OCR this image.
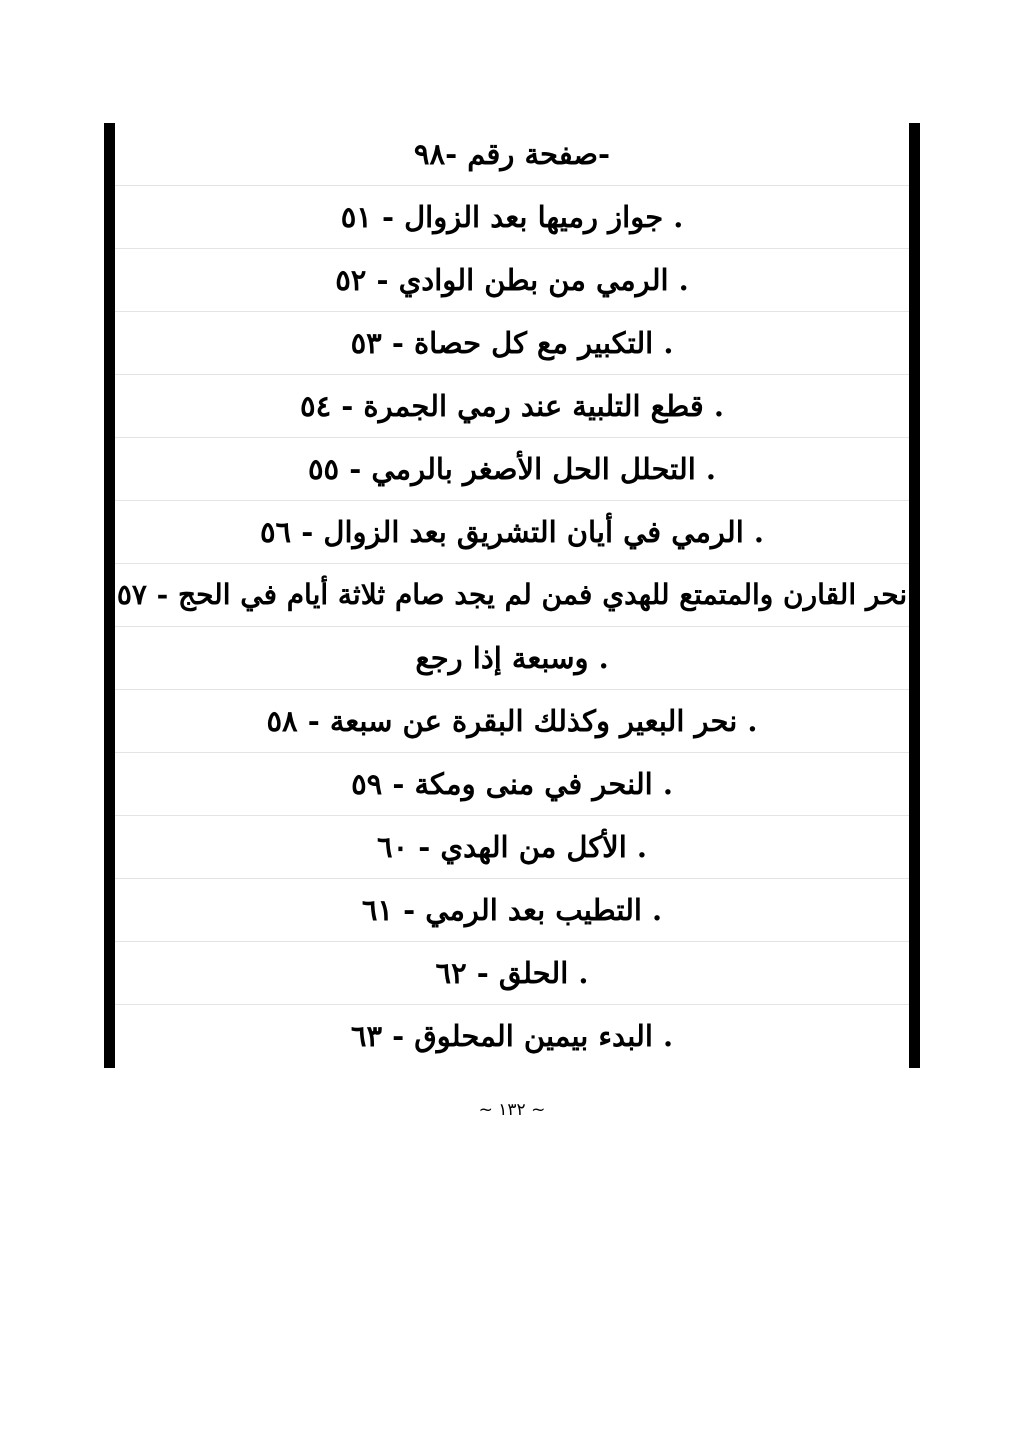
-صفحة رقم -٩٨
. جواز رميها بعد الزوال - ٥١
. الرمي من بطن الوادي - ٥٢
. التكبير مع كل حصاة - ٥٣
. قطع التلبية عند رمي الجمرة - ٥٤
. التحلل الحل الأصغر بالرمي - ٥٥
. الرمي في أيان التشريق بعد الزوال - ٥٦
نحر القارن والمتمتع للهدي فمن لم يجد صام ثلاثة أيام في الحج - ٥٧
. وسبعة إذا رجع
. نحر البعير وكذلك البقرة عن سبعة - ٥٨
. النحر في منى ومكة - ٥٩
. الأكل من الهدي - ٦٠
. التطيب بعد الرمي - ٦١
. الحلق - ٦٢
. البدء بيمين المحلوق - ٦٣
~ ١٣٢ ~
